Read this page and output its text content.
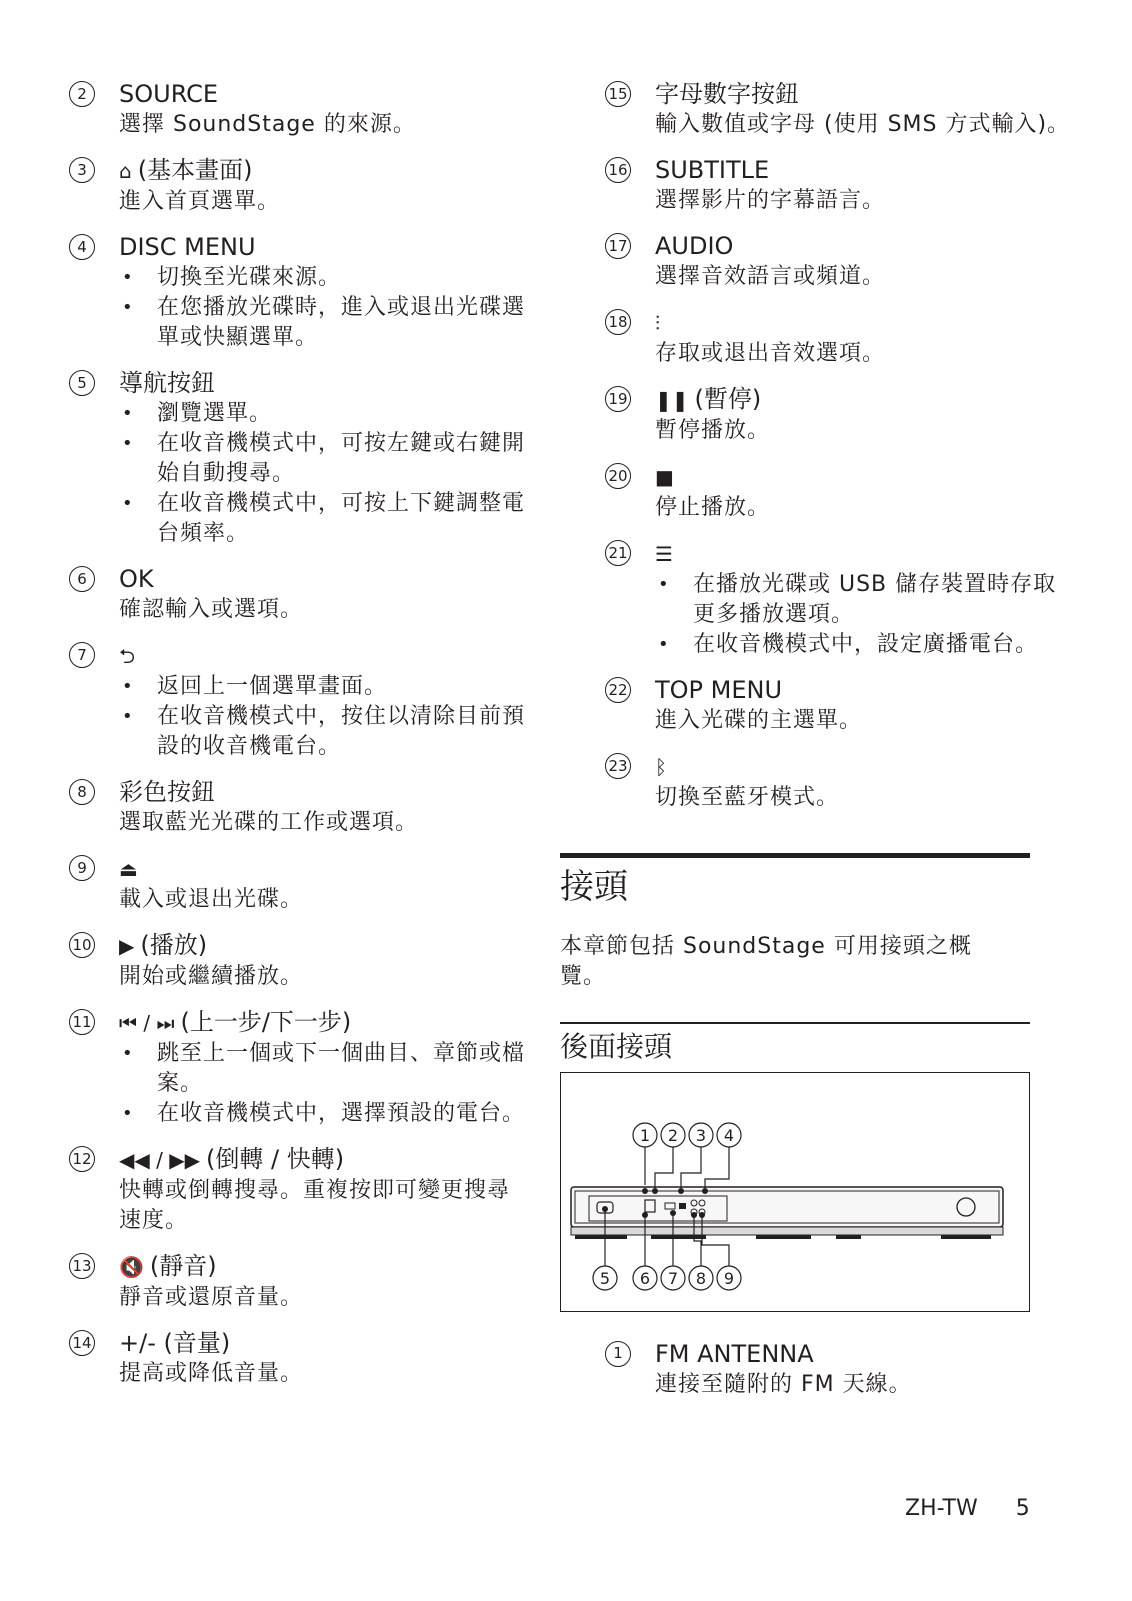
2	SOURCE
選擇 SoundStage 的來源。
3	⌂ (基本畫面)
進入首頁選單。
4	DISC MENU
• 切換至光碟來源。
• 在您播放光碟時，進入或退出光碟選單或快顯選單。
5	導航按鈕
• 瀏覽選單。
• 在收音機模式中，可按左鍵或右鍵開始自動搜尋。
• 在收音機模式中，可按上下鍵調整電台頻率。
6	OK
確認輸入或選項。
7	⮌
• 返回上一個選單畫面。
• 在收音機模式中，按住以清除目前預設的收音機電台。
8	彩色按鈕
選取藍光光碟的工作或選項。
9	⏏
載入或退出光碟。
10 ▶ (播放)
開始或繼續播放。
11 ⏮ / ⏭ (上一步/下一步)
• 跳至上一個或下一個曲目、章節或檔案。
• 在收音機模式中，選擇預設的電台。
12 ◀◀ / ▶▶ (倒轉 / 快轉)
快轉或倒轉搜尋。重複按即可變更搜尋速度。
13 🔇 (靜音)
靜音或還原音量。
14 +/- (音量)
提高或降低音量。
15 字母數字按鈕
輸入數值或字母 (使用 SMS 方式輸入)。
16 SUBTITLE
選擇影片的字幕語言。
17 AUDIO
選擇音效語言或頻道。
18 ⫶
存取或退出音效選項。
19 ❚❚ (暫停)
暫停播放。
20 ■
停止播放。
21 ☰
• 在播放光碟或 USB 儲存裝置時存取更多播放選項。
• 在收音機模式中，設定廣播電台。
22 TOP MENU
進入光碟的主選單。
23 ᛒ
切換至藍牙模式。
接頭
本章節包括 SoundStage 可用接頭之概覽。
後面接頭
1 2 3 4
5 6 7 8 9
1	FM ANTENNA
連接至隨附的 FM 天線。
ZH-TW 5
